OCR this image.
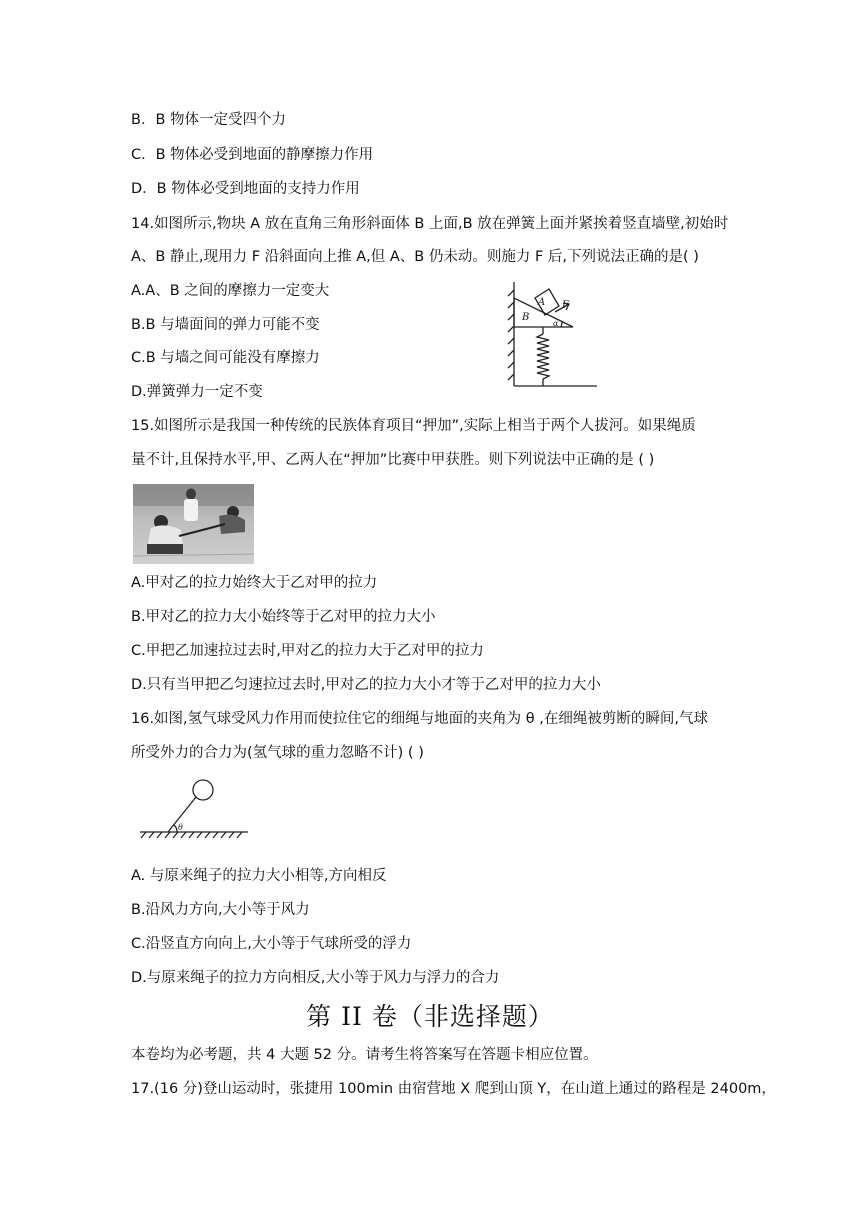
B．B 物体一定受四个力
C．B 物体必受到地面的静摩擦力作用
D．B 物体必受到地面的支持力作用
14.如图所示,物块 A 放在直角三角形斜面体 B 上面,B 放在弹簧上面并紧挨着竖直墙壁,初始时
A、B 静止,现用力 F 沿斜面向上推 A,但 A、B 仍未动。则施力 F 后,下列说法正确的是( )
A.A、B 之间的摩擦力一定变大
B.B 与墙面间的弹力可能不变
C.B 与墙之间可能没有摩擦力
D.弹簧弹力一定不变
A
B
F
α
15.如图所示是我国一种传统的民族体育项目“押加”,实际上相当于两个人拔河。如果绳质
量不计,且保持水平,甲、乙两人在“押加”比赛中甲获胜。则下列说法中正确的是 ( )
A.甲对乙的拉力始终大于乙对甲的拉力
B.甲对乙的拉力大小始终等于乙对甲的拉力大小
C.甲把乙加速拉过去时,甲对乙的拉力大于乙对甲的拉力
D.只有当甲把乙匀速拉过去时,甲对乙的拉力大小才等于乙对甲的拉力大小
16.如图,氢气球受风力作用而使拉住它的细绳与地面的夹角为 θ ,在细绳被剪断的瞬间,气球
所受外力的合力为(氢气球的重力忽略不计) ( )
θ
A. 与原来绳子的拉力大小相等,方向相反
B.沿风力方向,大小等于风力
C.沿竖直方向向上,大小等于气球所受的浮力
D.与原来绳子的拉力方向相反,大小等于风力与浮力的合力
第 II 卷（非选择题）
本卷均为必考题，共 4 大题 52 分。请考生将答案写在答题卡相应位置。
17.(16 分)登山运动时，张捷用 100min 由宿营地 X 爬到山顶 Y，在山道上通过的路程是 2400m，
